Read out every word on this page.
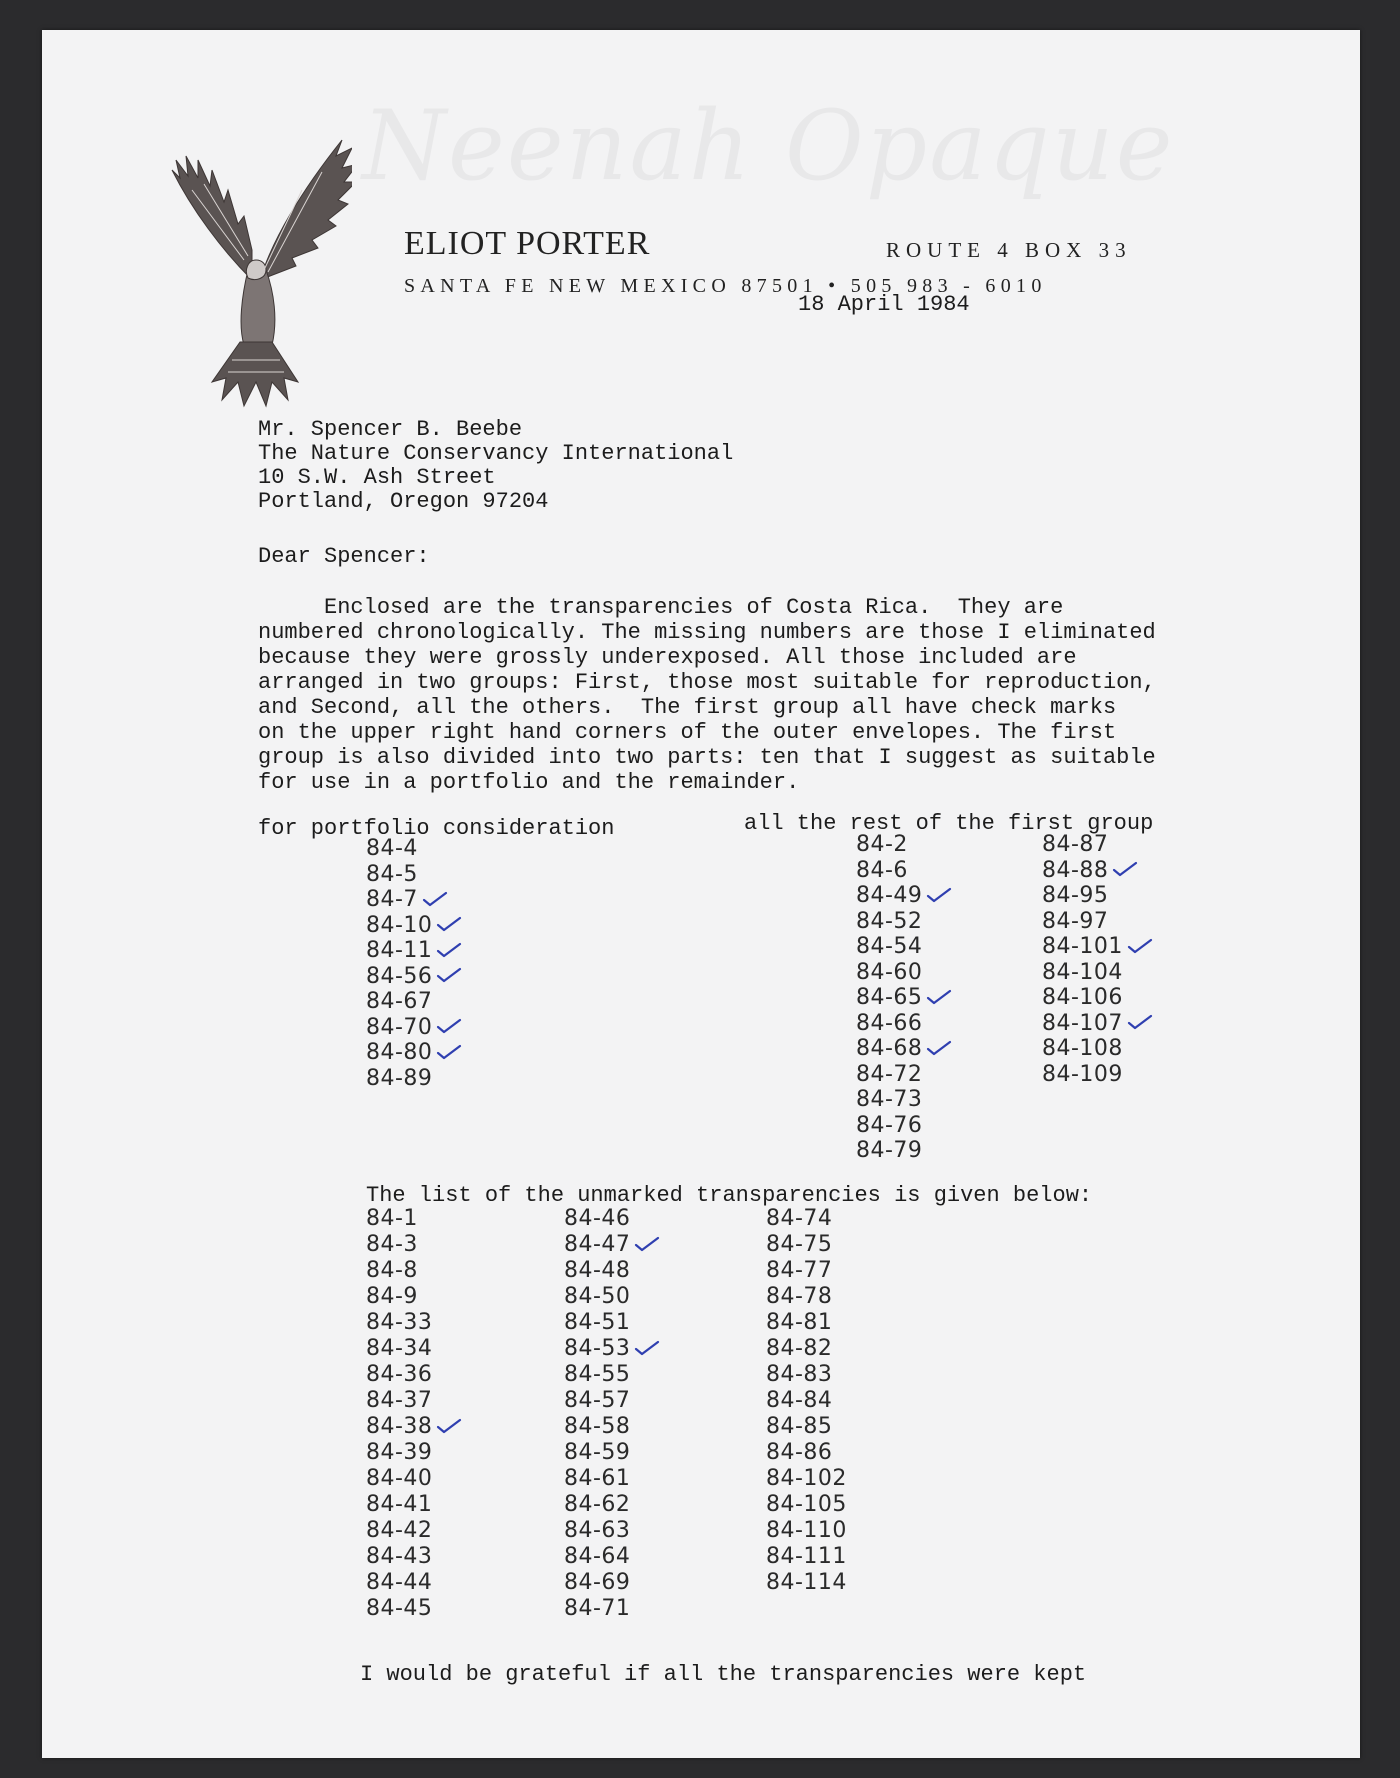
ELIOT PORTER	ROUTE 4 BOX 33
SANTA FE NEW MEXICO 87501 • 505 983 - 6010
18 April 1984
Mr. Spencer B. Beebe
The Nature Conservancy International
10 S.W. Ash Street
Portland, Oregon 97204
Dear Spencer:
Enclosed are the transparencies of Costa Rica.  They are
numbered chronologically. The missing numbers are those I eliminated
because they were grossly underexposed. All those included are
arranged in two groups: First, those most suitable for reproduction,
and Second, all the others.  The first group all have check marks
on the upper right hand corners of the outer envelopes. The first
group is also divided into two parts: ten that I suggest as suitable
for use in a portfolio and the remainder.
for portfolio consideration	all the rest of the first group
84-4
84-5
84-7
84-10
84-11
84-56
84-67
84-70
84-80
84-89
84-2
84-6
84-49
84-52
84-54
84-60
84-65
84-66
84-68
84-72
84-73
84-76
84-79
84-87
84-88
84-95
84-97
84-101
84-104
84-106
84-107
84-108
84-109
The list of the unmarked transparencies is given below:
84-1
84-3
84-8
84-9
84-33
84-34
84-36
84-37
84-38
84-39
84-40
84-41
84-42
84-43
84-44
84-45
84-46
84-47
84-48
84-50
84-51
84-53
84-55
84-57
84-58
84-59
84-61
84-62
84-63
84-64
84-69
84-71
84-74
84-75
84-77
84-78
84-81
84-82
84-83
84-84
84-85
84-86
84-102
84-105
84-110
84-111
84-114
I would be grateful if all the transparencies were kept
